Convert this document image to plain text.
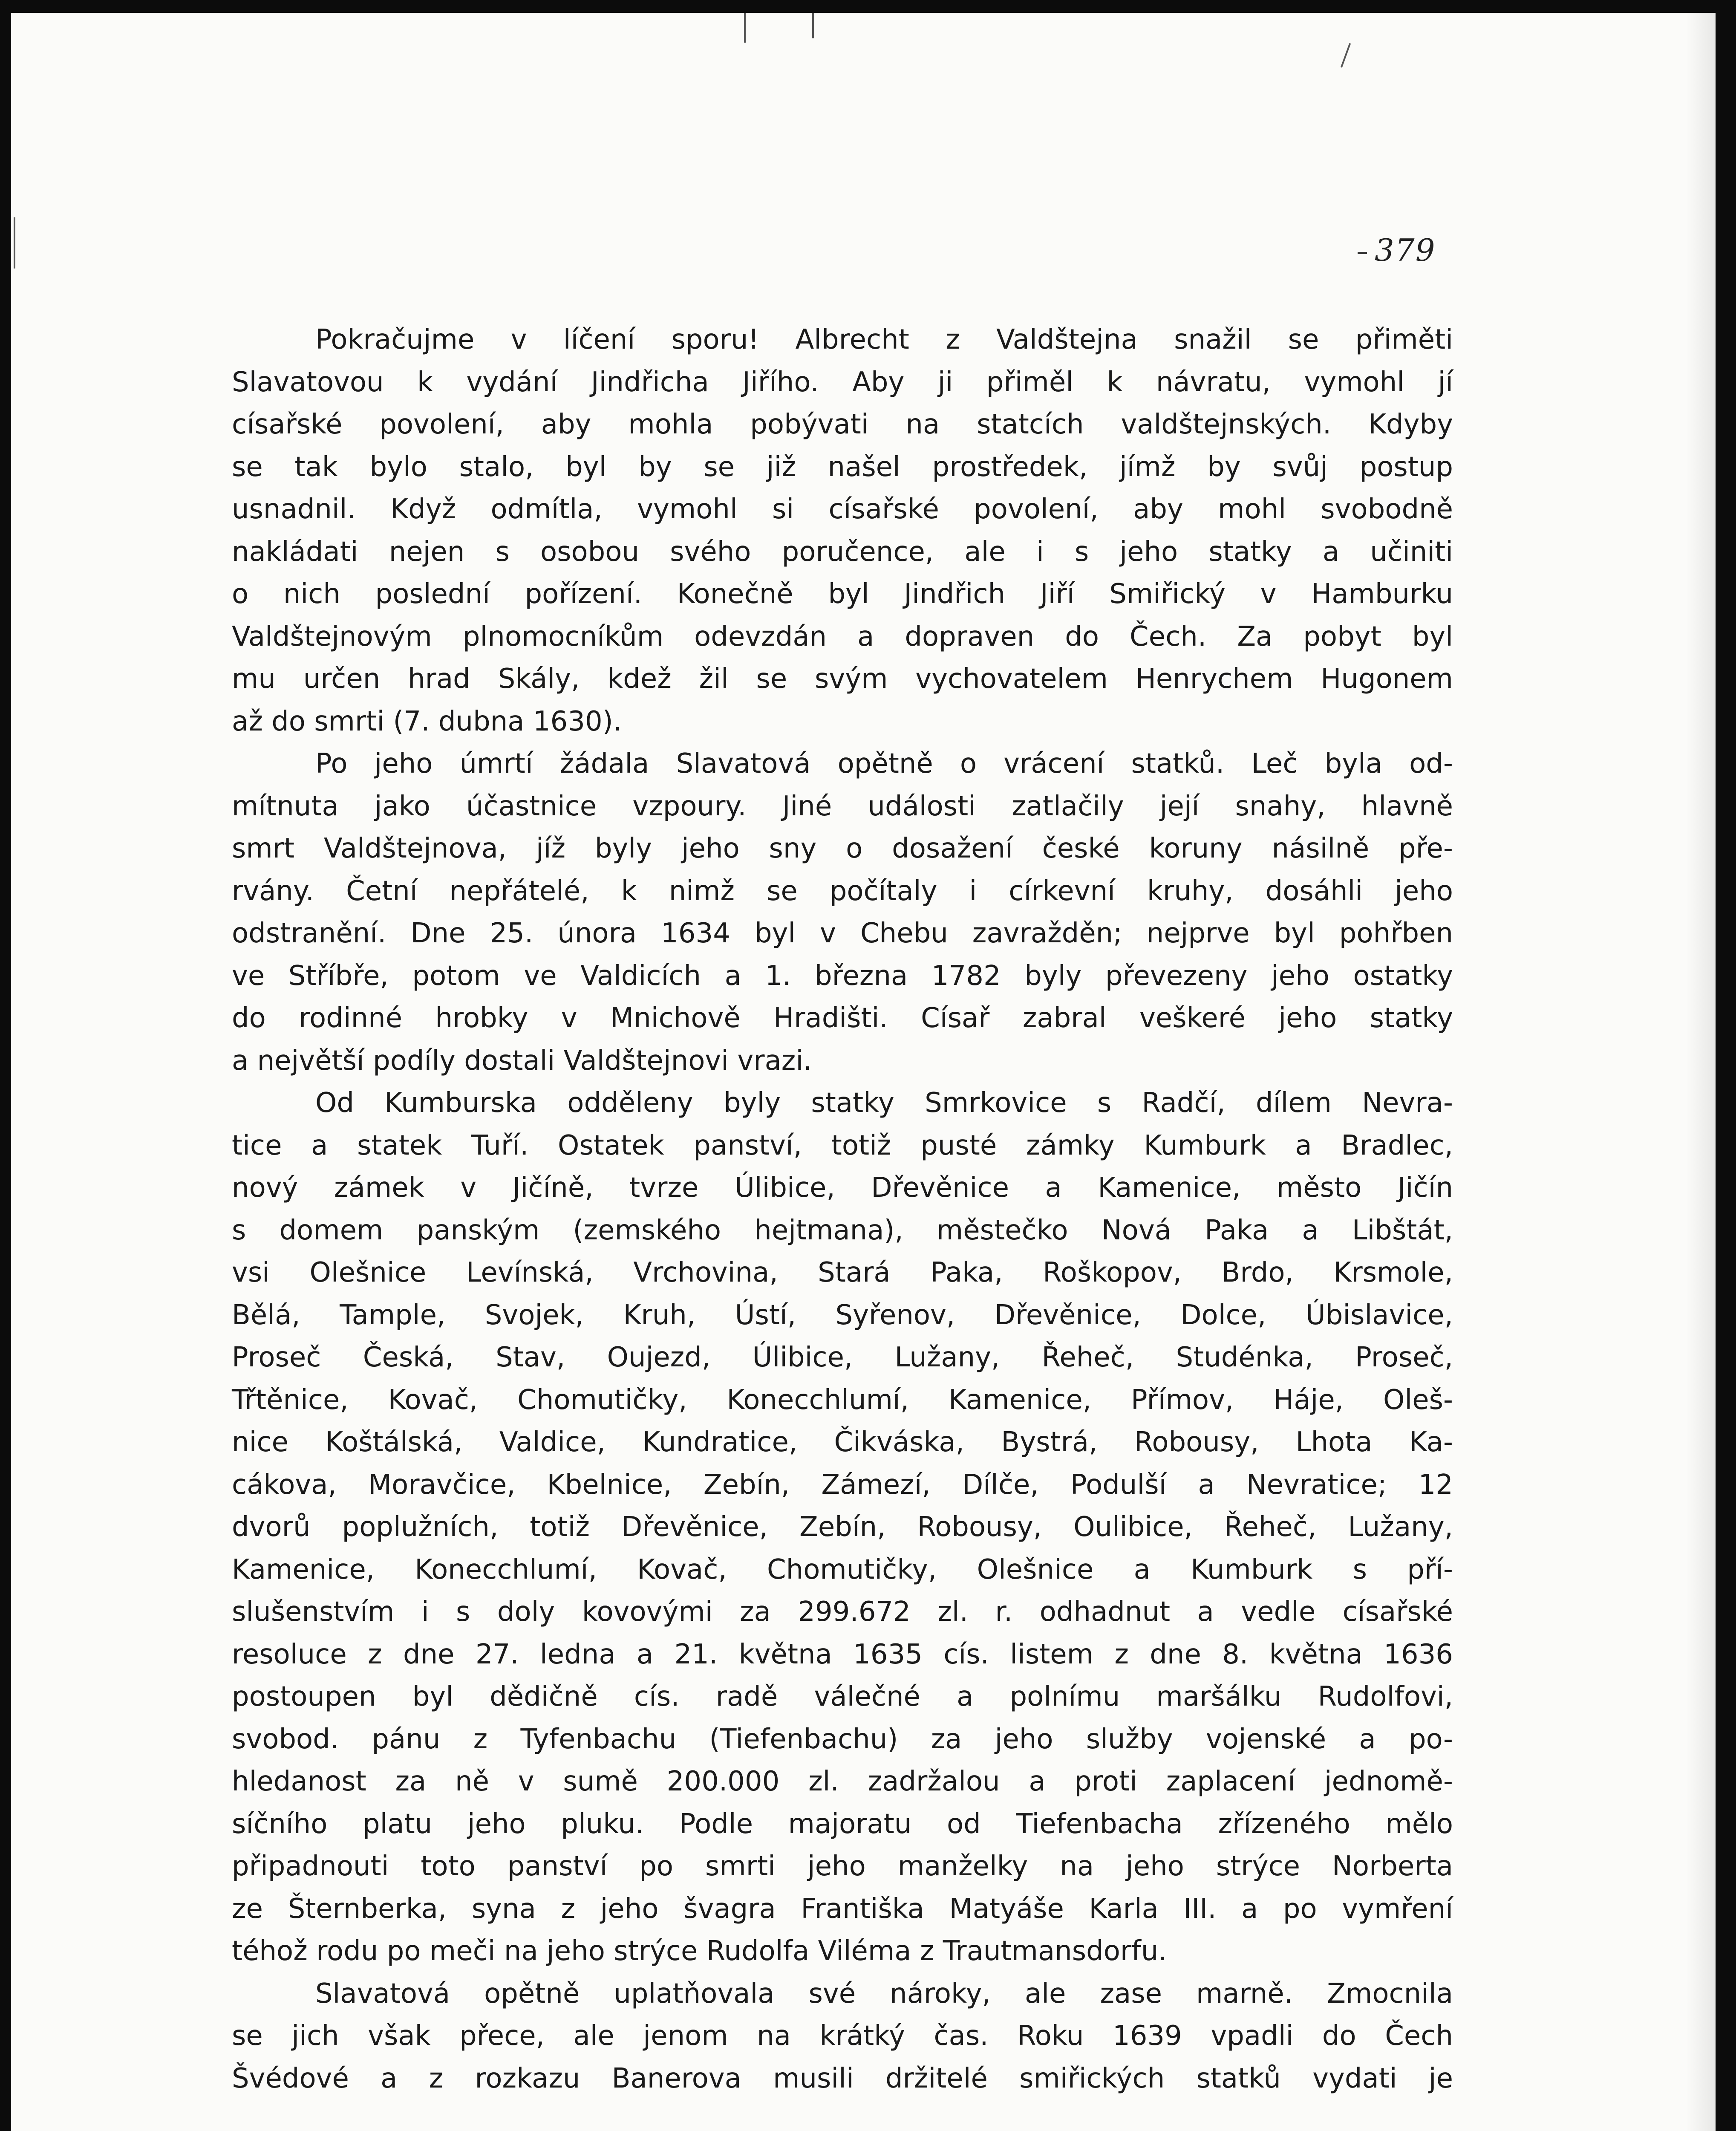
379
Pokračujme v líčení sporu! Albrecht z Valdštejna snažil se přiměti
Slavatovou k vydání Jindřicha Jiřího. Aby ji přiměl k návratu, vymohl jí
císařské povolení, aby mohla pobývati na statcích valdštejnských. Kdyby
se tak bylo stalo, byl by se již našel prostředek, jímž by svůj postup
usnadnil. Když odmítla, vymohl si císařské povolení, aby mohl svobodně
nakládati nejen s osobou svého poručence, ale i s jeho statky a učiniti
o nich poslední pořízení. Konečně byl Jindřich Jiří Smiřický v Hamburku
Valdštejnovým plnomocníkům odevzdán a dopraven do Čech. Za pobyt byl
mu určen hrad Skály, kdež žil se svým vychovatelem Henrychem Hugonem
až do smrti (7. dubna 1630).
Po jeho úmrtí žádala Slavatová opětně o vrácení statků. Leč byla od-
mítnuta jako účastnice vzpoury. Jiné události zatlačily její snahy, hlavně
smrt Valdštejnova, jíž byly jeho sny o dosažení české koruny násilně pře-
rvány. Četní nepřátelé, k nimž se počítaly i církevní kruhy, dosáhli jeho
odstranění. Dne 25. února 1634 byl v Chebu zavražděn; nejprve byl pohřben
ve Stříbře, potom ve Valdicích a 1. března 1782 byly převezeny jeho ostatky
do rodinné hrobky v Mnichově Hradišti. Císař zabral veškeré jeho statky
a největší podíly dostali Valdštejnovi vrazi.
Od Kumburska odděleny byly statky Smrkovice s Radčí, dílem Nevra-
tice a statek Tuří. Ostatek panství, totiž pusté zámky Kumburk a Bradlec,
nový zámek v Jičíně, tvrze Úlibice, Dřevěnice a Kamenice, město Jičín
s domem panským (zemského hejtmana), městečko Nová Paka a Libštát,
vsi Olešnice Levínská, Vrchovina, Stará Paka, Roškopov, Brdo, Krsmole,
Bělá, Tample, Svojek, Kruh, Ústí, Syřenov, Dřevěnice, Dolce, Úbislavice,
Proseč Česká, Stav, Oujezd, Úlibice, Lužany, Řeheč, Studénka, Proseč,
Třtěnice, Kovač, Chomutičky, Konecchlumí, Kamenice, Přímov, Háje, Oleš-
nice Koštálská, Valdice, Kundratice, Čikváska, Bystrá, Robousy, Lhota Ka-
cákova, Moravčice, Kbelnice, Zebín, Zámezí, Dílče, Podulší a Nevratice; 12
dvorů poplužních, totiž Dřevěnice, Zebín, Robousy, Oulibice, Řeheč, Lužany,
Kamenice, Konecchlumí, Kovač, Chomutičky, Olešnice a Kumburk s pří-
slušenstvím i s doly kovovými za 299.672 zl. r. odhadnut a vedle císařské
resoluce z dne 27. ledna a 21. května 1635 cís. listem z dne 8. května 1636
postoupen byl dědičně cís. radě válečné a polnímu maršálku Rudolfovi,
svobod. pánu z Tyfenbachu (Tiefenbachu) za jeho služby vojenské a po-
hledanost za ně v sumě 200.000 zl. zadržalou a proti zaplacení jednomě-
síčního platu jeho pluku. Podle majoratu od Tiefenbacha zřízeného mělo
připadnouti toto panství po smrti jeho manželky na jeho strýce Norberta
ze Šternberka, syna z jeho švagra Františka Matyáše Karla III. a po vymření
téhož rodu po meči na jeho strýce Rudolfa Viléma z Trautmansdorfu.
Slavatová opětně uplatňovala své nároky, ale zase marně. Zmocnila
se jich však přece, ale jenom na krátký čas. Roku 1639 vpadli do Čech
Švédové a z rozkazu Banerova musili držitelé smiřických statků vydati je
